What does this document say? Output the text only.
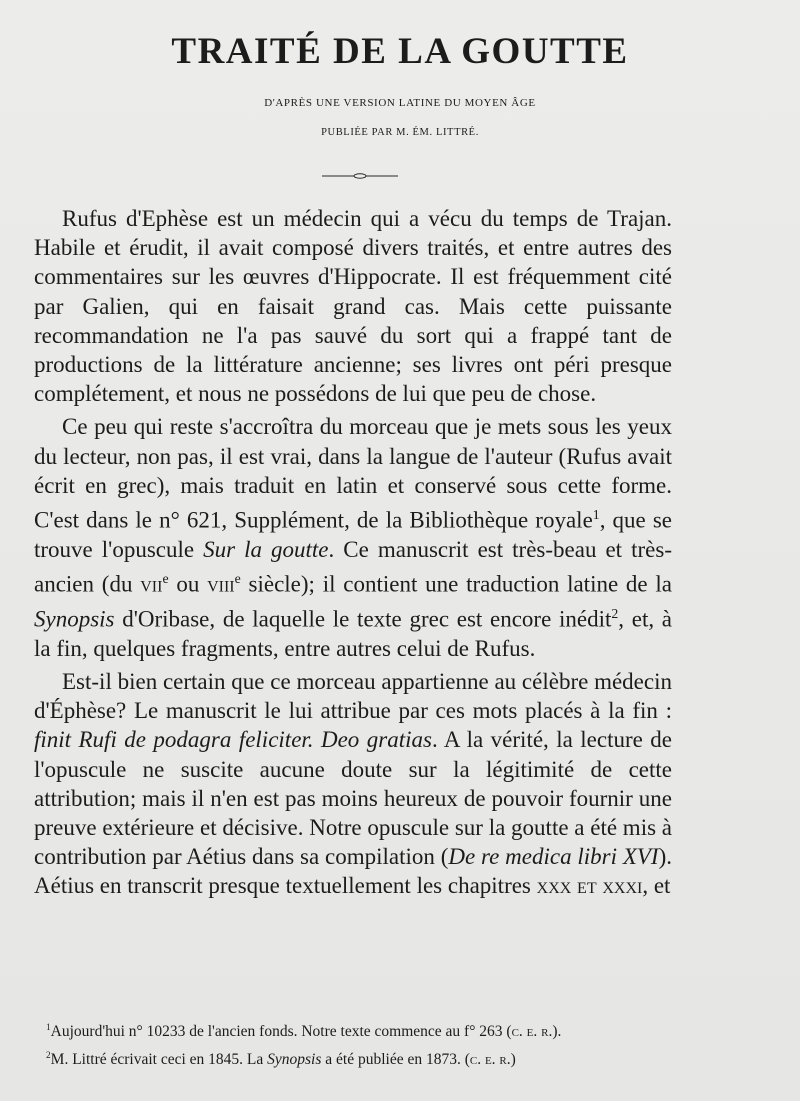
TRAITÉ DE LA GOUTTE
D'APRÈS UNE VERSION LATINE DU MOYEN ÂGE
PUBLIÉE PAR M. ÉM. LITTRÉ.

Rufus d'Ephèse est un médecin qui a vécu du temps de Trajan. Habile et érudit, il avait composé divers traités, et entre autres des commentaires sur les œuvres d'Hippocrate. Il est fréquemment cité par Galien, qui en faisait grand cas. Mais cette puissante recommandation ne l'a pas sauvé du sort qui a frappé tant de productions de la littérature ancienne; ses livres ont péri presque complétement, et nous ne possédons de lui que peu de chose.

Ce peu qui reste s'accroîtra du morceau que je mets sous les yeux du lecteur, non pas, il est vrai, dans la langue de l'auteur (Rufus avait écrit en grec), mais traduit en latin et conservé sous cette forme. C'est dans le n° 621, Supplément, de la Bibliothèque royale$^1$, que se trouve l'opuscule Sur la goutte. Ce manuscrit est très-beau et très-ancien (du vii$^e$ ou viii$^e$ siècle); il contient une traduction latine de la Synopsis d'Oribase, de laquelle le texte grec est encore inédit$^2$, et, à la fin, quelques fragments, entre autres celui de Rufus.

Est-il bien certain que ce morceau appartienne au célèbre médecin d'Éphèse? Le manuscrit le lui attribue par ces mots placés à la fin : finit Rufi de podagra feliciter. Deo gratias. A la vérité, la lecture de l'opuscule ne suscite aucune doute sur la légitimité de cette attribution; mais il n'en est pas moins heureux de pouvoir fournir une preuve extérieure et décisive. Notre opuscule sur la goutte a été mis à contribution par Aétius dans sa compilation (De re medica libri XVI). Aétius en transcrit presque textuellement les chapitres xxx et xxxi, et

$^1$Aujourd'hui n° 10233 de l'ancien fonds. Notre texte commence au f° 263 (c. e. r.).
$^2$M. Littré écrivait ceci en 1845. La Synopsis a été publiée en 1873. (c. e. r.)
